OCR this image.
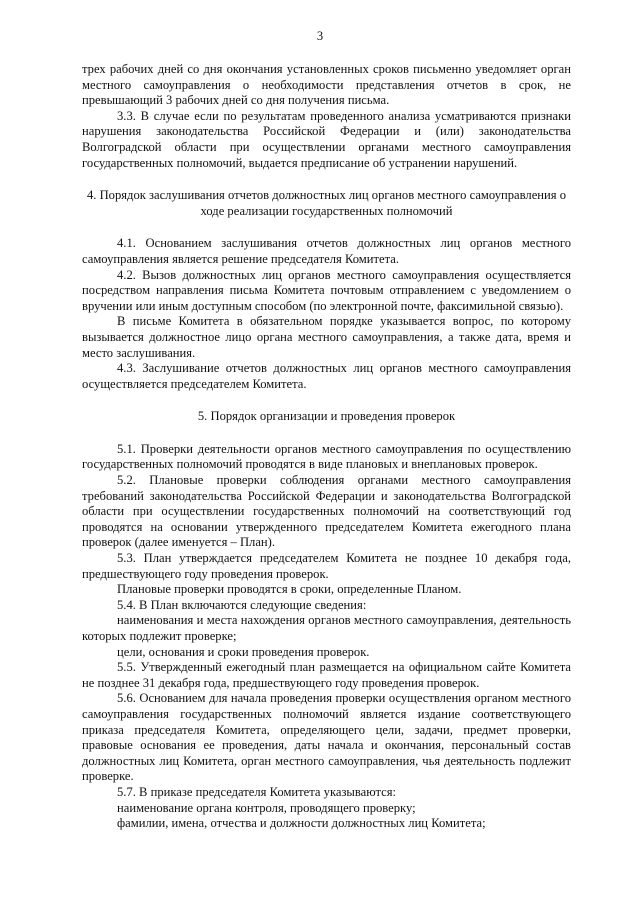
3

трех рабочих дней со дня окончания установленных сроков письменно уведомляет орган местного самоуправления о необходимости представления отчетов в срок, не превышающий 3 рабочих дней со дня получения письма.

3.3. В случае если по результатам проведенного анализа усматриваются признаки нарушения законодательства Российской Федерации и (или) законодательства Волгоградской области при осуществлении органами местного самоуправления государственных полномочий, выдается предписание об устранении нарушений.

4. Порядок заслушивания отчетов должностных лиц органов местного самоуправления о ходе реализации государственных полномочий

4.1. Основанием заслушивания отчетов должностных лиц органов местного самоуправления является решение председателя Комитета.

4.2. Вызов должностных лиц органов местного самоуправления осуществляется посредством направления письма Комитета почтовым отправлением с уведомлением о вручении или иным доступным способом (по электронной почте, факсимильной связью).

В письме Комитета в обязательном порядке указывается вопрос, по которому вызывается должностное лицо органа местного самоуправления, а также дата, время и место заслушивания.

4.3. Заслушивание отчетов должностных лиц органов местного самоуправления осуществляется председателем Комитета.

5. Порядок организации и проведения проверок

5.1. Проверки деятельности органов местного самоуправления по осуществлению государственных полномочий проводятся в виде плановых и внеплановых проверок.

5.2. Плановые проверки соблюдения органами местного самоуправления требований законодательства Российской Федерации и законодательства Волгоградской области при осуществлении государственных полномочий на соответствующий год проводятся на основании утвержденного председателем Комитета ежегодного плана проверок (далее именуется – План).

5.3. План утверждается председателем Комитета не позднее 10 декабря года, предшествующего году проведения проверок.

Плановые проверки проводятся в сроки, определенные Планом.

5.4. В План включаются следующие сведения:

наименования и места нахождения органов местного самоуправления, деятельность которых подлежит проверке;

цели, основания и сроки проведения проверок.

5.5. Утвержденный ежегодный план размещается на официальном сайте Комитета не позднее 31 декабря года, предшествующего году проведения проверок.

5.6. Основанием для начала проведения проверки осуществления органом местного самоуправления государственных полномочий является издание соответствующего приказа председателя Комитета, определяющего цели, задачи, предмет проверки, правовые основания ее проведения, даты начала и окончания, персональный состав должностных лиц Комитета, орган местного самоуправления, чья деятельность подлежит проверке.

5.7. В приказе председателя Комитета указываются:

наименование органа контроля, проводящего проверку;

фамилии, имена, отчества и должности должностных лиц Комитета;
